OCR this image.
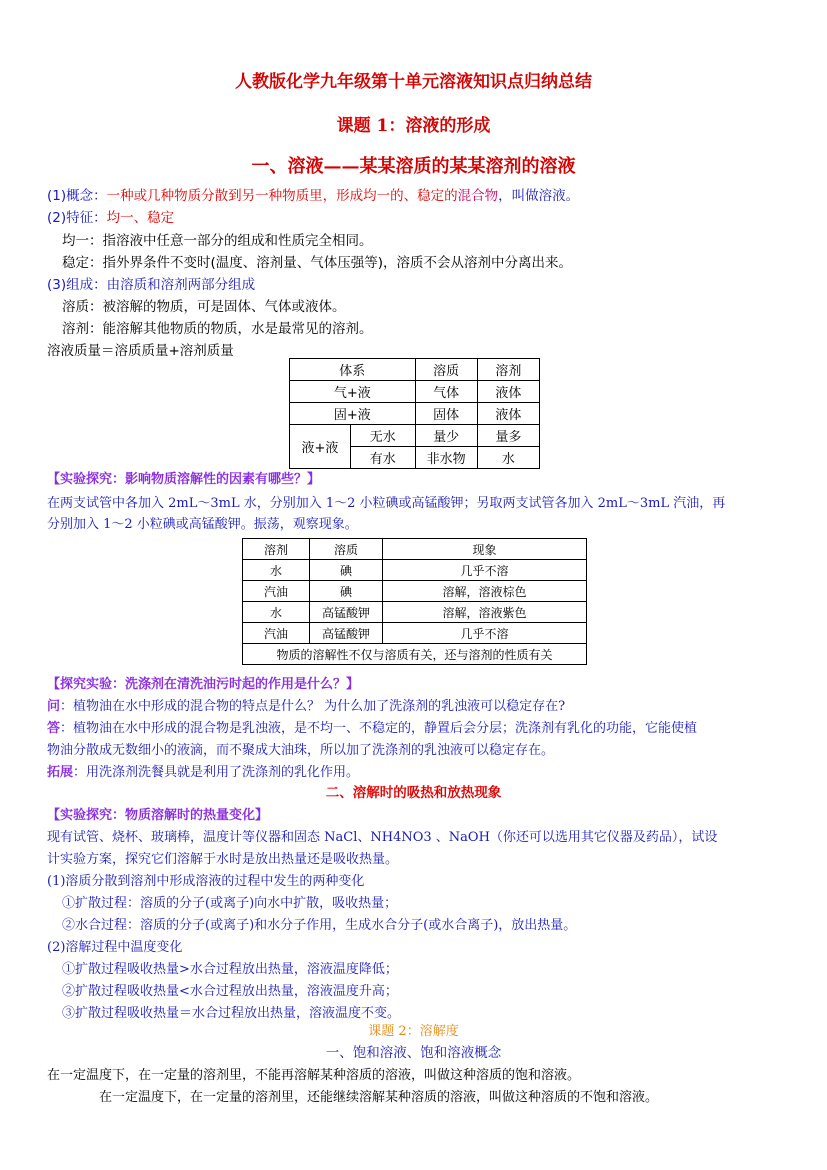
人教版化学九年级第十单元溶液知识点归纳总结
课题 1：溶液的形成
一、溶液——某某溶质的某某溶剂的溶液
(1)概念：一种或几种物质分散到另一种物质里，形成均一的、稳定的混合物，叫做溶液。
(2)特征：均一、稳定
均一：指溶液中任意一部分的组成和性质完全相同。
稳定：指外界条件不变时(温度、溶剂量、气体压强等)，溶质不会从溶剂中分离出来。
(3)组成：由溶质和溶剂两部分组成
溶质：被溶解的物质，可是固体、气体或液体。
溶剂：能溶解其他物质的物质，水是最常见的溶剂。
溶液质量＝溶质质量+溶剂质量
体系		溶质	溶剂
气+液		气体	液体
固+液		固体	液体
液+液	无水	量少	量多
	有水	非水物	水
【实验探究：影响物质溶解性的因素有哪些？】
在两支试管中各加入 2mL～3mL 水，分别加入 1～2 小粒碘或高锰酸钾；另取两支试管各加入 2mL～3mL 汽油，再
分别加入 1～2 小粒碘或高锰酸钾。振荡，观察现象。
溶剂	溶质	现象
水	碘	几乎不溶
汽油	碘	溶解，溶液棕色
水	高锰酸钾	溶解，溶液紫色
汽油	高锰酸钾	几乎不溶
物质的溶解性不仅与溶质有关，还与溶剂的性质有关		
【探究实验：洗涤剂在清洗油污时起的作用是什么？】
问：植物油在水中形成的混合物的特点是什么？ 为什么加了洗涤剂的乳浊液可以稳定存在?
答：植物油在水中形成的混合物是乳浊液，是不均一、不稳定的，静置后会分层；洗涤剂有乳化的功能，它能使植
物油分散成无数细小的液滴，而不聚成大油珠，所以加了洗涤剂的乳浊液可以稳定存在。
拓展：用洗涤剂洗餐具就是利用了洗涤剂的乳化作用。
二、溶解时的吸热和放热现象
【实验探究：物质溶解时的热量变化】
现有试管、烧杯、玻璃棒，温度计等仪器和固态 NaCl、NH4NO3 、NaOH（你还可以选用其它仪器及药品），试设
计实验方案，探究它们溶解于水时是放出热量还是吸收热量。
(1)溶质分散到溶剂中形成溶液的过程中发生的两种变化
①扩散过程：溶质的分子(或离子)向水中扩散，吸收热量；
②水合过程：溶质的分子(或离子)和水分子作用，生成水合分子(或水合离子)，放出热量。
(2)溶解过程中温度变化
①扩散过程吸收热量>水合过程放出热量，溶液温度降低；
②扩散过程吸收热量<水合过程放出热量，溶液温度升高；
③扩散过程吸收热量＝水合过程放出热量，溶液温度不变。
课题 2：溶解度
一、饱和溶液、饱和溶液概念
在一定温度下，在一定量的溶剂里，不能再溶解某种溶质的溶液，叫做这种溶质的饱和溶液。
在一定温度下，在一定量的溶剂里，还能继续溶解某种溶质的溶液，叫做这种溶质的不饱和溶液。
